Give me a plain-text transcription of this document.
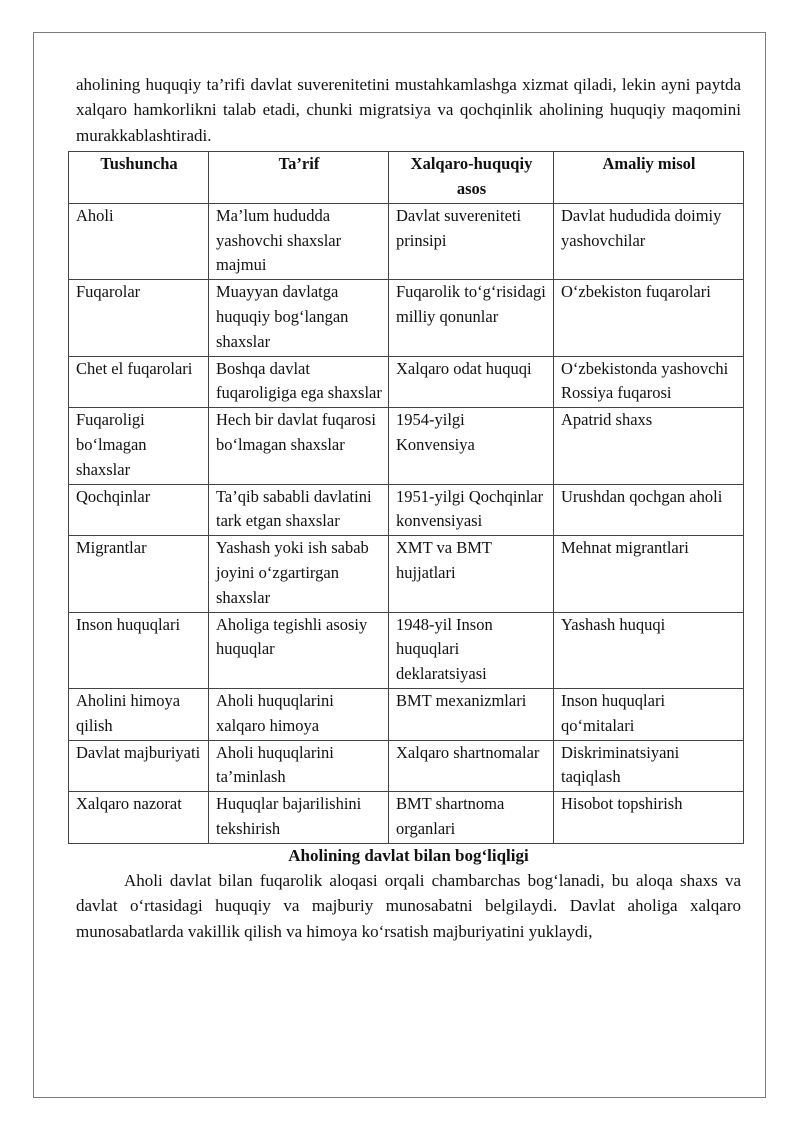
aholining huquqiy ta’rifi davlat suverenitetini mustahkamlashga xizmat qiladi, lekin ayni paytda xalqaro hamkorlikni talab etadi, chunki migratsiya va qochqinlik aholining huquqiy maqomini murakkablashtiradi.

Tushuncha	Ta’rif	Xalqaro-huquqiy asos	Amaliy misol
Aholi	Ma’lum hududda yashovchi shaxslar majmui	Davlat suvereniteti prinsipi	Davlat hududida doimiy yashovchilar
Fuqarolar	Muayyan davlatga huquqiy bog‘langan shaxslar	Fuqarolik to‘g‘risidagi milliy qonunlar	O‘zbekiston fuqarolari
Chet el fuqarolari	Boshqa davlat fuqaroligiga ega shaxslar	Xalqaro odat huquqi	O‘zbekistonda yashovchi Rossiya fuqarosi
Fuqaroligi bo‘lmagan shaxslar	Hech bir davlat fuqarosi bo‘lmagan shaxslar	1954-yilgi Konvensiya	Apatrid shaxs
Qochqinlar	Ta’qib sababli davlatini tark etgan shaxslar	1951-yilgi Qochqinlar konvensiyasi	Urushdan qochgan aholi
Migrantlar	Yashash yoki ish sabab joyini o‘zgartirgan shaxslar	XMT va BMT hujjatlari	Mehnat migrantlari
Inson huquqlari	Aholiga tegishli asosiy huquqlar	1948-yil Inson huquqlari deklaratsiyasi	Yashash huquqi
Aholini himoya qilish	Aholi huquqlarini xalqaro himoya	BMT mexanizmlari	Inson huquqlari qo‘mitalari
Davlat majburiyati	Aholi huquqlarini ta’minlash	Xalqaro shartnomalar	Diskriminatsiyani taqiqlash
Xalqaro nazorat	Huquqlar bajarilishini tekshirish	BMT shartnoma organlari	Hisobot topshirish

Aholining davlat bilan bog‘liqligi

Aholi davlat bilan fuqarolik aloqasi orqali chambarchas bog‘lanadi, bu aloqa shaxs va davlat o‘rtasidagi huquqiy va majburiy munosabatni belgilaydi. Davlat aholiga xalqaro munosabatlarda vakillik qilish va himoya ko‘rsatish majburiyatini yuklaydi,
